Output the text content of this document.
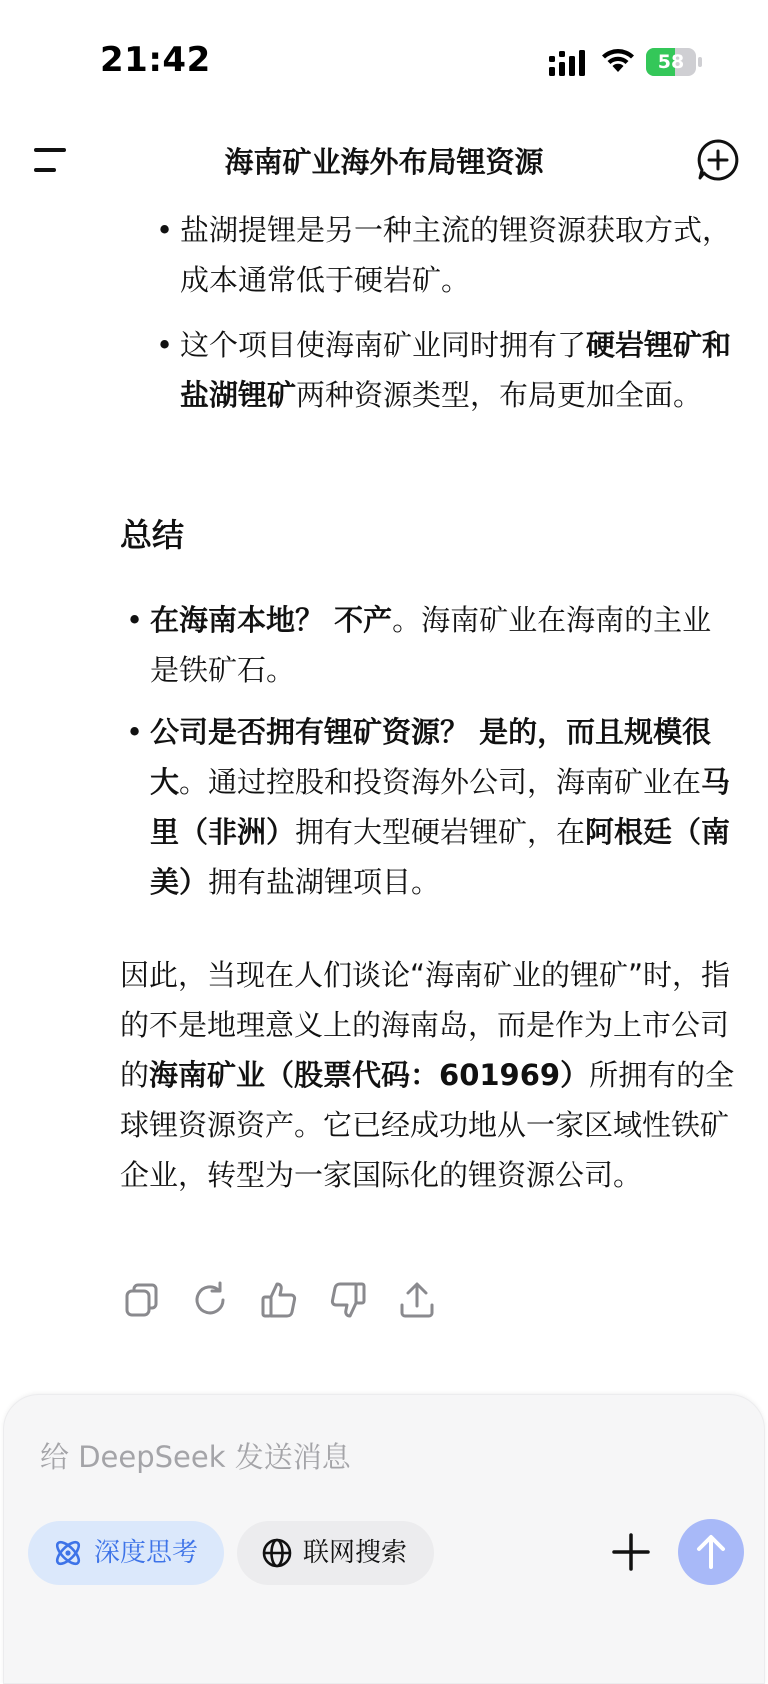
21:42	58
海南矿业海外布局锂资源
• 盐湖提锂是另一种主流的锂资源获取方式，成本通常低于硬岩矿。
• 这个项目使海南矿业同时拥有了硬岩锂矿和盐湖锂矿两种资源类型，布局更加全面。
总结
• 在海南本地？ 不产。海南矿业在海南的主业是铁矿石。
• 公司是否拥有锂矿资源？ 是的，而且规模很大。通过控股和投资海外公司，海南矿业在马里（非洲）拥有大型硬岩锂矿，在阿根廷（南美）拥有盐湖锂项目。
因此，当现在人们谈论“海南矿业的锂矿”时，指的不是地理意义上的海南岛，而是作为上市公司的海南矿业（股票代码：601969）所拥有的全球锂资源资产。它已经成功地从一家区域性铁矿企业，转型为一家国际化的锂资源公司。
给 DeepSeek 发送消息
深度思考	联网搜索
